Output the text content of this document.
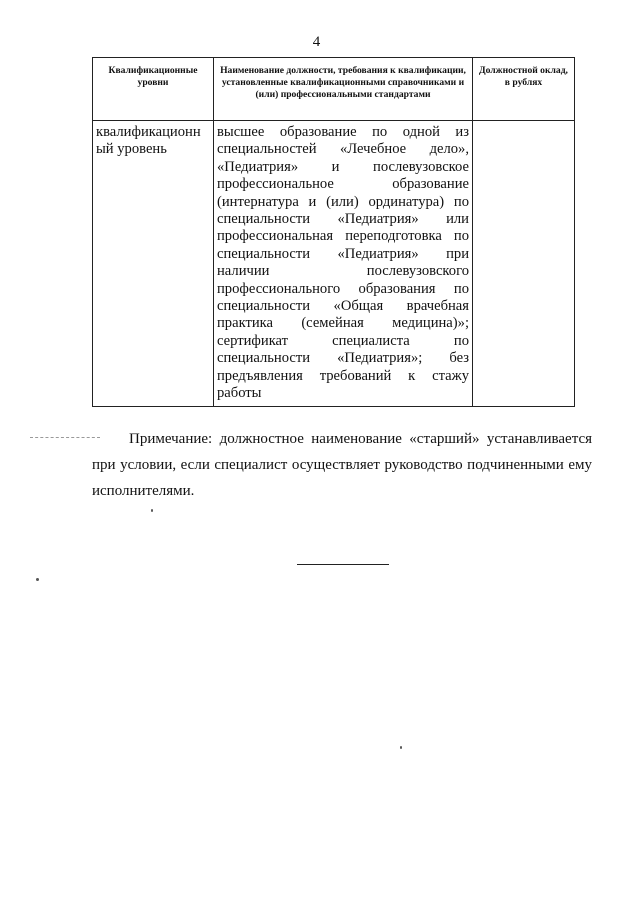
4
Квалификационные уровни	Наименование должности, требования к квалификации, установленные квалификационными справочниками и (или) профессиональными стандартами	Должностной оклад, в рублях
квалификационный уровень	высшее образование по одной из специальностей «Лечебное дело», «Педиатрия» и послевузовское профессиональное образование (интернатура и (или) ординатура) по специальности «Педиатрия» или профессиональная переподготовка по специальности «Педиатрия» при наличии послевузовского профессионального образования по специальности «Общая врачебная практика (семейная медицина)»; сертификат специалиста по специальности «Педиатрия»; без предъявления требований к стажу работы	

Примечание: должностное наименование «старший» устанавливается при условии, если специалист осуществляет руководство подчиненными ему исполнителями.
